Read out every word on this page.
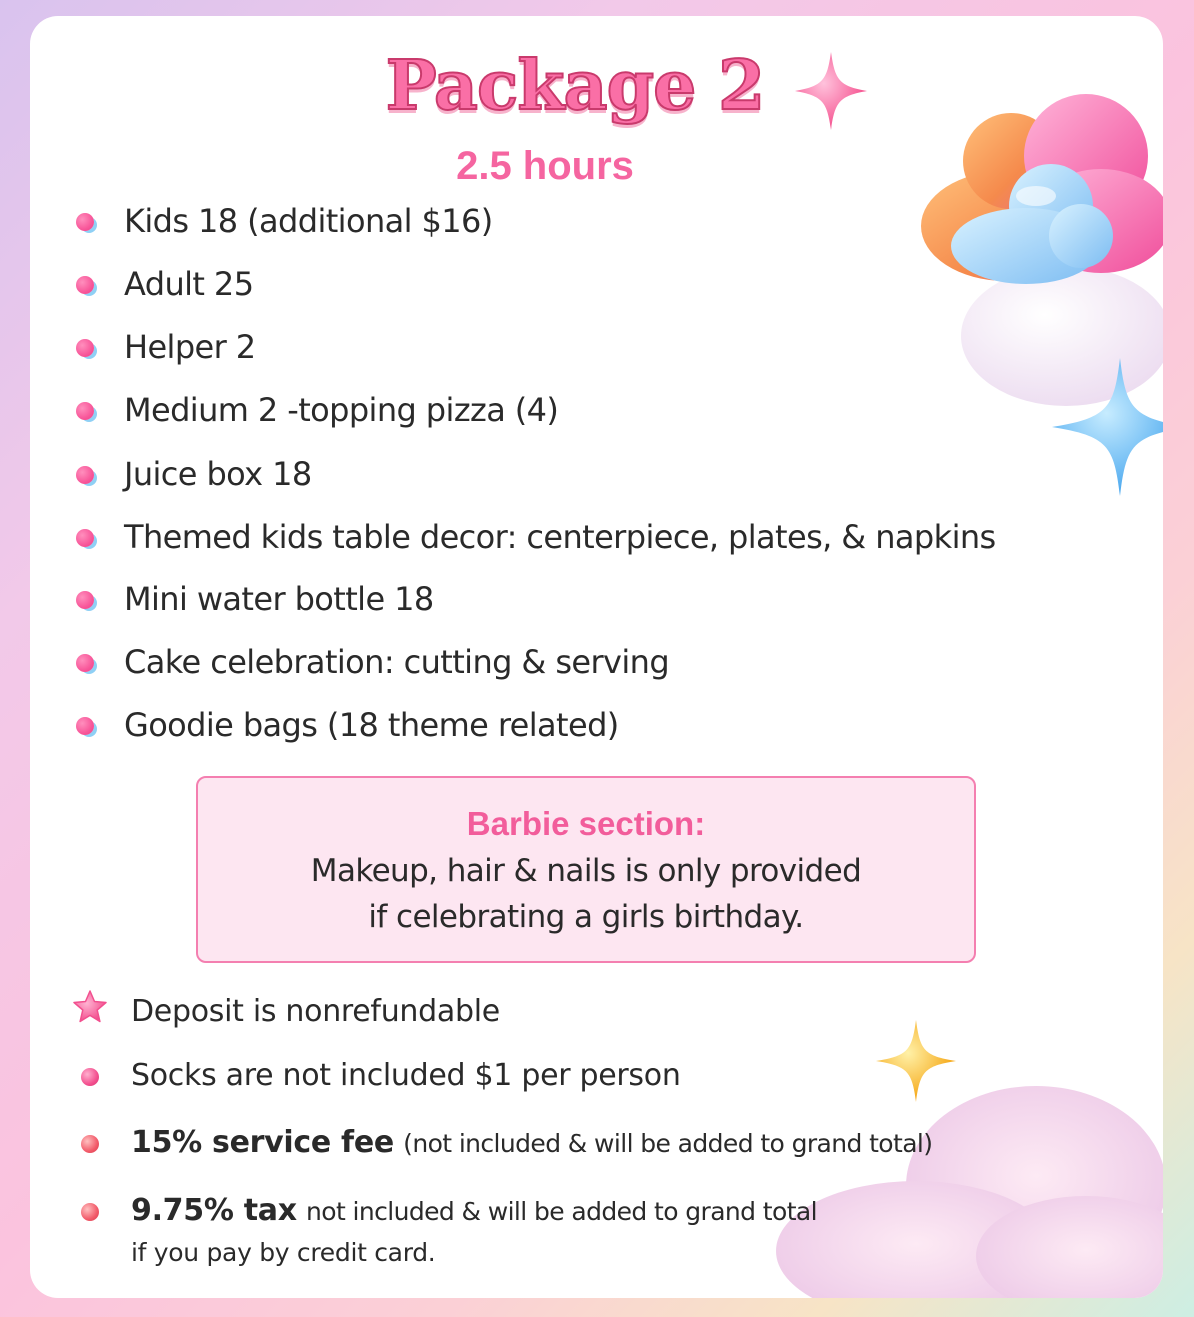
Package 2
2.5 hours
Kids 18 (additional $16)
Adult 25
Helper 2
Medium 2 -topping pizza (4)
Juice box 18
Themed kids table decor: centerpiece, plates, & napkins
Mini water bottle 18
Cake celebration: cutting & serving
Goodie bags (18 theme related)
Barbie section:
Makeup, hair & nails is only provided
if celebrating a girls birthday.
Deposit is nonrefundable
Socks are not included $1 per person
15% service fee (not included & will be added to grand total)
9.75% tax not included & will be added to grand total
if you pay by credit card.
